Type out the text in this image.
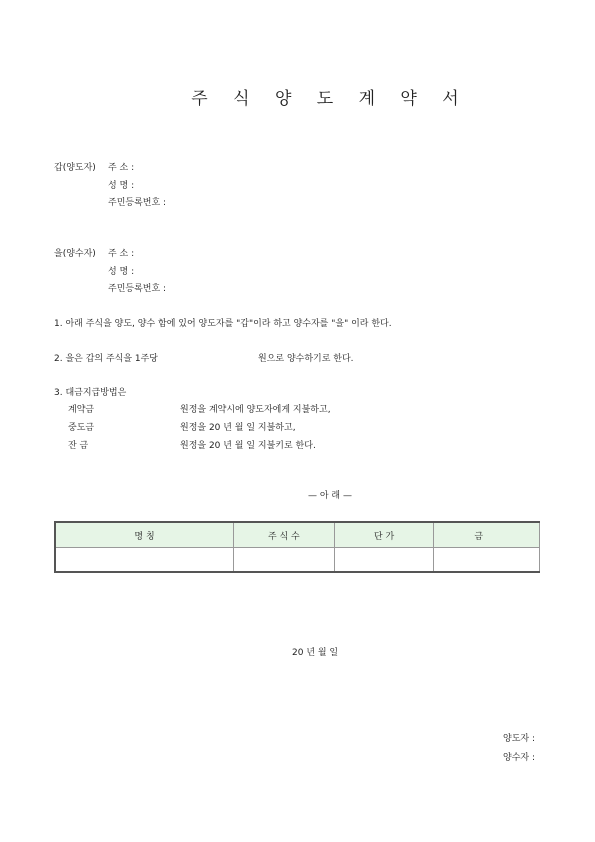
주 식 양 도 계 약 서
갑(양도자) 주 소 :
성 명 :
주민등록번호 :
을(양수자) 주 소 :
성 명 :
주민등록번호 :
1. 아래 주식을 양도, 양수 함에 있어 양도자를 "갑"이라 하고 양수자를 "을" 이라 한다.
2. 을은 갑의 주식을 1주당	원으로 양수하기로 한다.
3. 대금지급방법은
계약금	원정을 계약시에 양도자에게 지불하고,
중도금	원정을 20 년 월 일 지불하고,
잔 금	원정을 20 년 월 일 지불키로 한다.
— 아 래 —
명 칭	주 식 수	단 가	금

20 년 월 일
양도자 :
양수자 :
